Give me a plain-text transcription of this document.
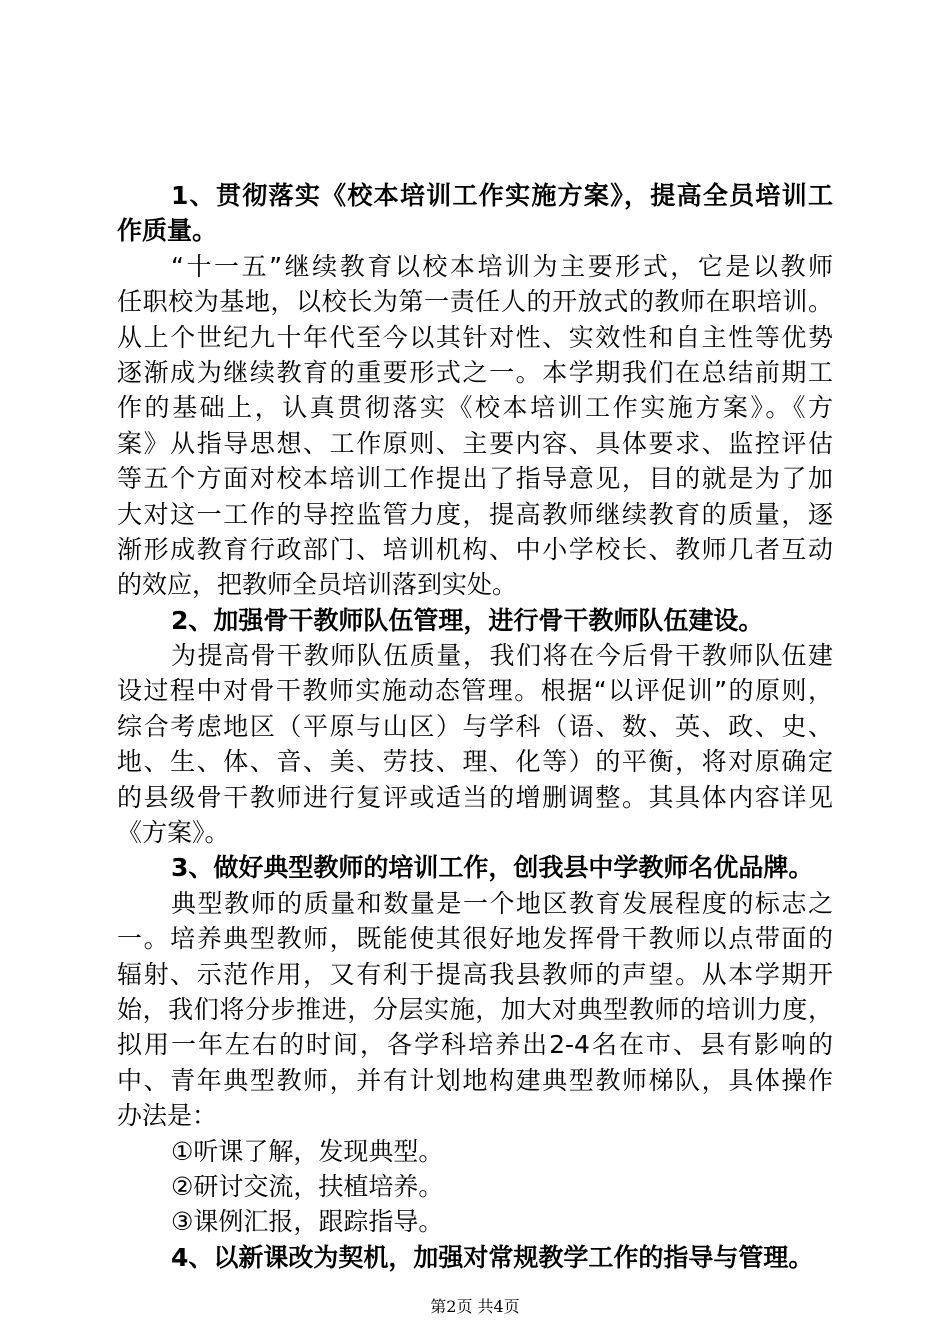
1、贯彻落实《校本培训工作实施方案》，提高全员培训工
作质量。
“十一五”继续教育以校本培训为主要形式，它是以教师
任职校为基地，以校长为第一责任人的开放式的教师在职培训。
从上个世纪九十年代至今以其针对性、实效性和自主性等优势
逐渐成为继续教育的重要形式之一。本学期我们在总结前期工
作的基础上，认真贯彻落实《校本培训工作实施方案》。《方
案》从指导思想、工作原则、主要内容、具体要求、监控评估
等五个方面对校本培训工作提出了指导意见，目的就是为了加
大对这一工作的导控监管力度，提高教师继续教育的质量，逐
渐形成教育行政部门、培训机构、中小学校长、教师几者互动
的效应，把教师全员培训落到实处。
2、加强骨干教师队伍管理，进行骨干教师队伍建设。
为提高骨干教师队伍质量，我们将在今后骨干教师队伍建
设过程中对骨干教师实施动态管理。根据“以评促训”的原则，
综合考虑地区（平原与山区）与学科（语、数、英、政、史、
地、生、体、音、美、劳技、理、化等）的平衡，将对原确定
的县级骨干教师进行复评或适当的增删调整。其具体内容详见
《方案》。
3、做好典型教师的培训工作，创我县中学教师名优品牌。
典型教师的质量和数量是一个地区教育发展程度的标志之
一。培养典型教师，既能使其很好地发挥骨干教师以点带面的
辐射、示范作用，又有利于提高我县教师的声望。从本学期开
始，我们将分步推进，分层实施，加大对典型教师的培训力度，
拟用一年左右的时间，各学科培养出2-4名在市、县有影响的
中、青年典型教师，并有计划地构建典型教师梯队，具体操作
办法是：
①听课了解，发现典型。
②研讨交流，扶植培养。
③课例汇报，跟踪指导。
4、以新课改为契机，加强对常规教学工作的指导与管理。
第2页 共4页
